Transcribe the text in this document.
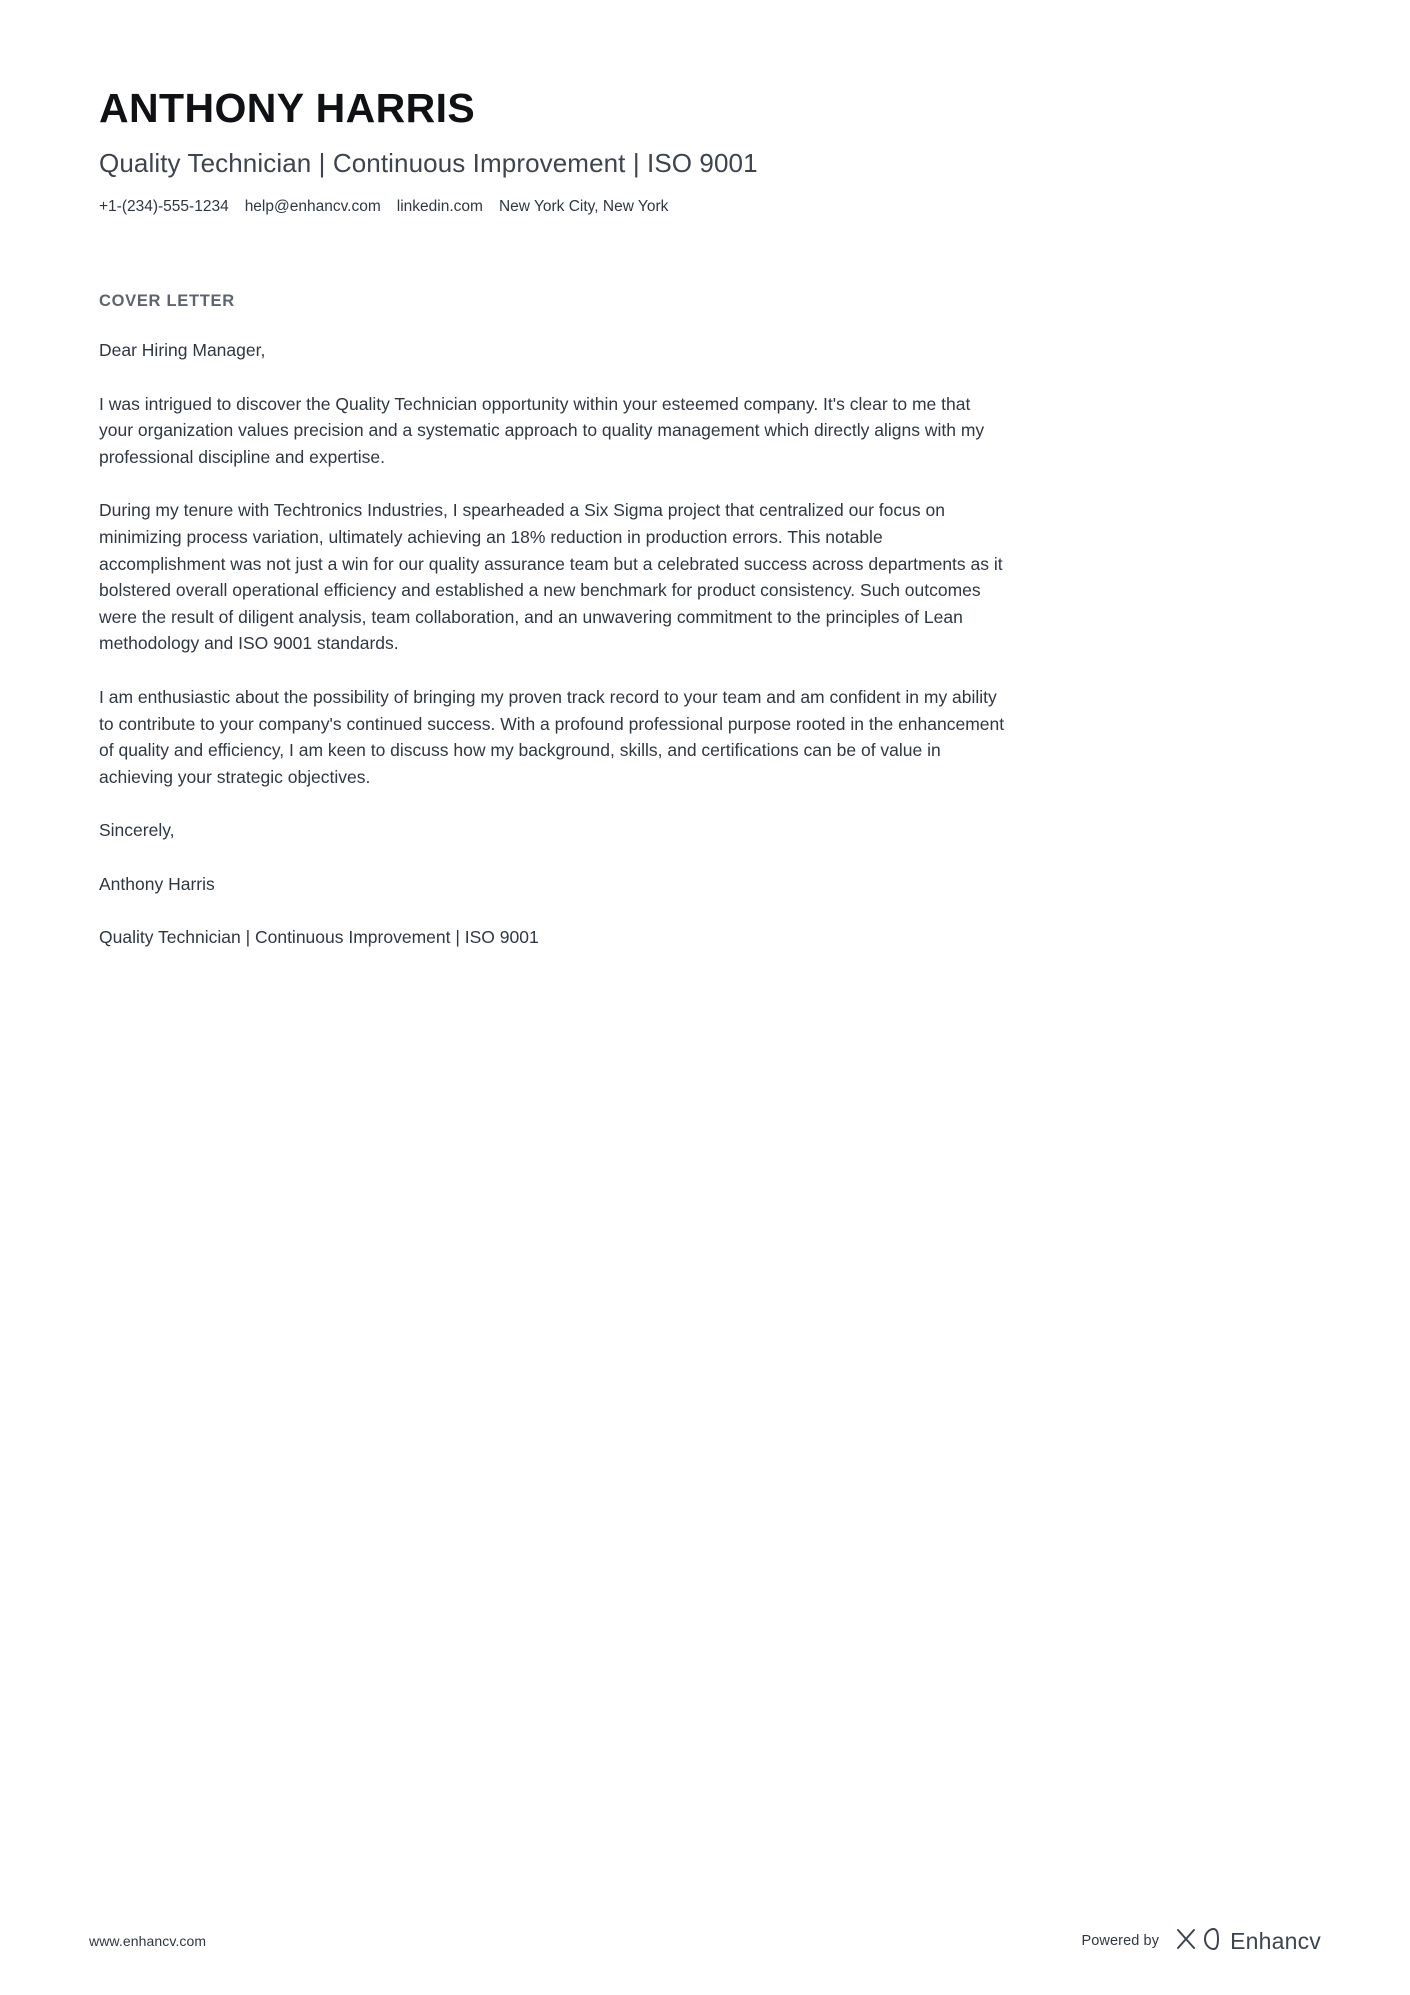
ANTHONY HARRIS
Quality Technician | Continuous Improvement | ISO 9001
+1-(234)-555-1234 help@enhancv.com linkedin.com New York City, New York
COVER LETTER

Dear Hiring Manager,

I was intrigued to discover the Quality Technician opportunity within your esteemed company. It's clear to me that your organization values precision and a systematic approach to quality management which directly aligns with my professional discipline and expertise.

During my tenure with Techtronics Industries, I spearheaded a Six Sigma project that centralized our focus on minimizing process variation, ultimately achieving an 18% reduction in production errors. This notable accomplishment was not just a win for our quality assurance team but a celebrated success across departments as it bolstered overall operational efficiency and established a new benchmark for product consistency. Such outcomes were the result of diligent analysis, team collaboration, and an unwavering commitment to the principles of Lean methodology and ISO 9001 standards.

I am enthusiastic about the possibility of bringing my proven track record to your team and am confident in my ability to contribute to your company's continued success. With a profound professional purpose rooted in the enhancement of quality and efficiency, I am keen to discuss how my background, skills, and certifications can be of value in achieving your strategic objectives.

Sincerely,

Anthony Harris

Quality Technician | Continuous Improvement | ISO 9001

www.enhancv.com	Powered by	Enhancv
